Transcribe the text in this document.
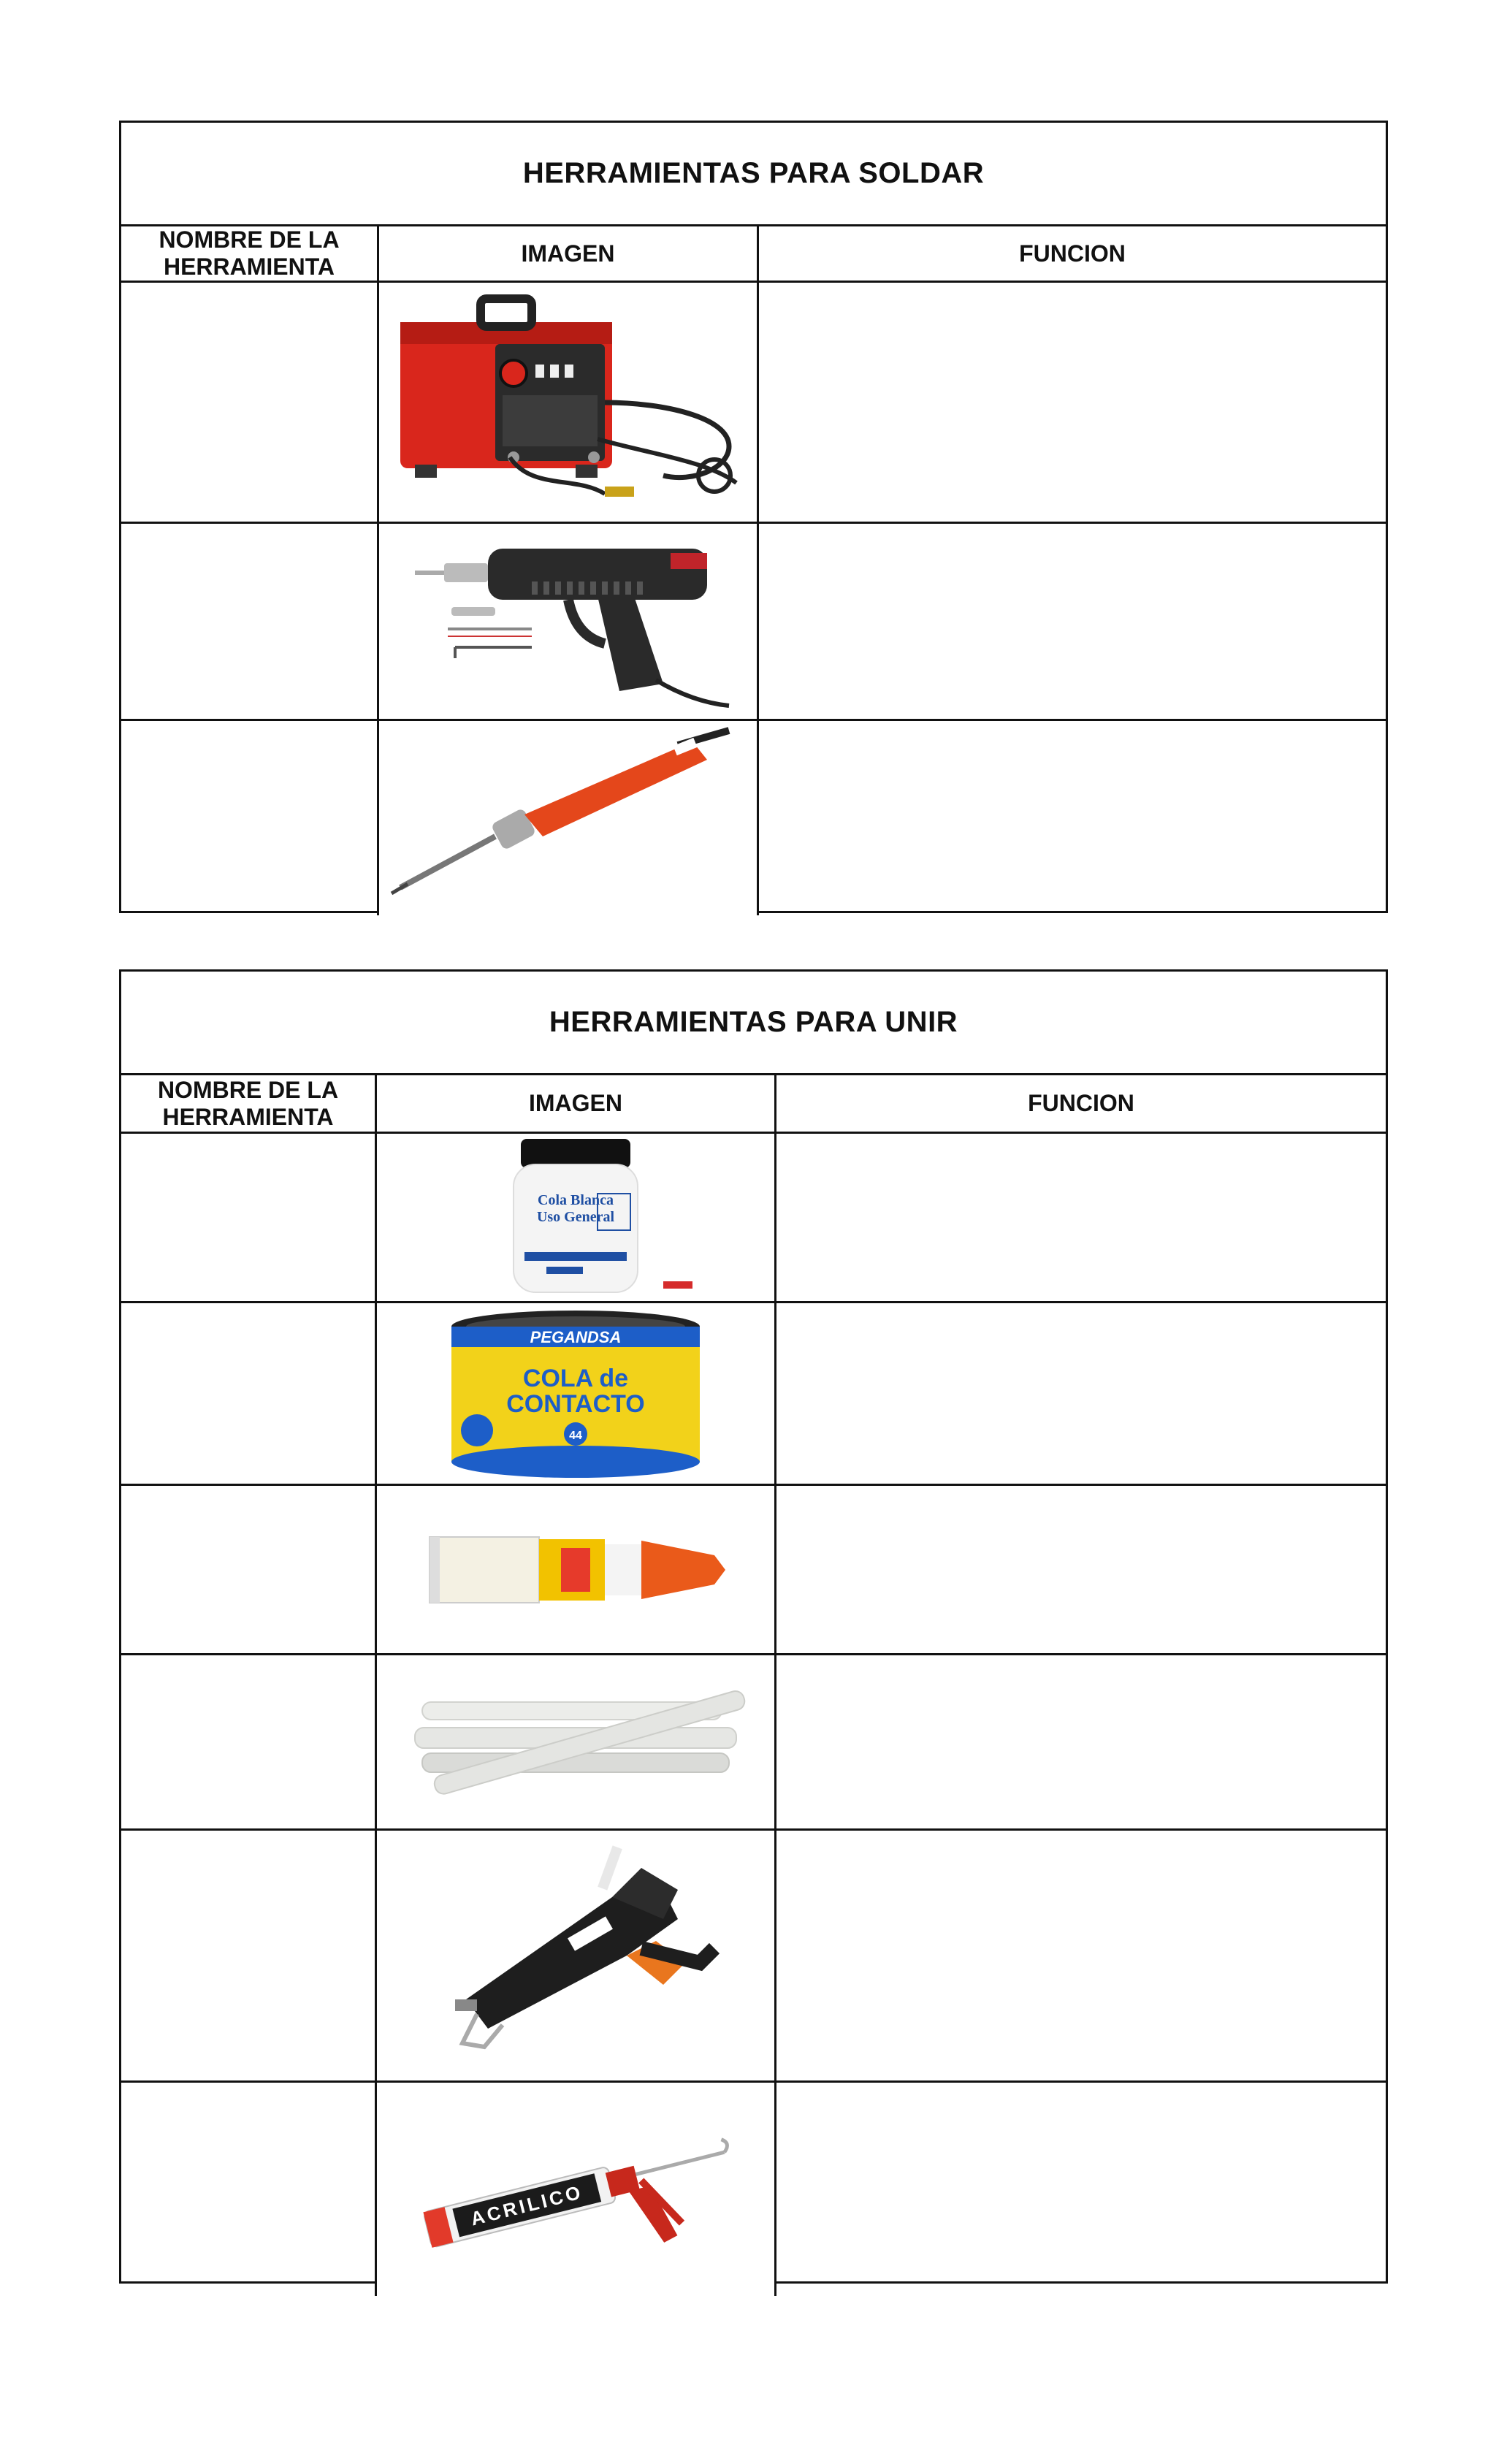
HERRAMIENTAS PARA SOLDAR
NOMBRE DE LA HERRAMIENTA
IMAGEN	FUNCION
HERRAMIENTAS PARA UNIR
NOMBRE DE LA HERRAMIENTA
IMAGEN	FUNCION
Cola Blanca
Uso General
PEGANDSA
COLA de
CONTACTO
44
ACRILICO
